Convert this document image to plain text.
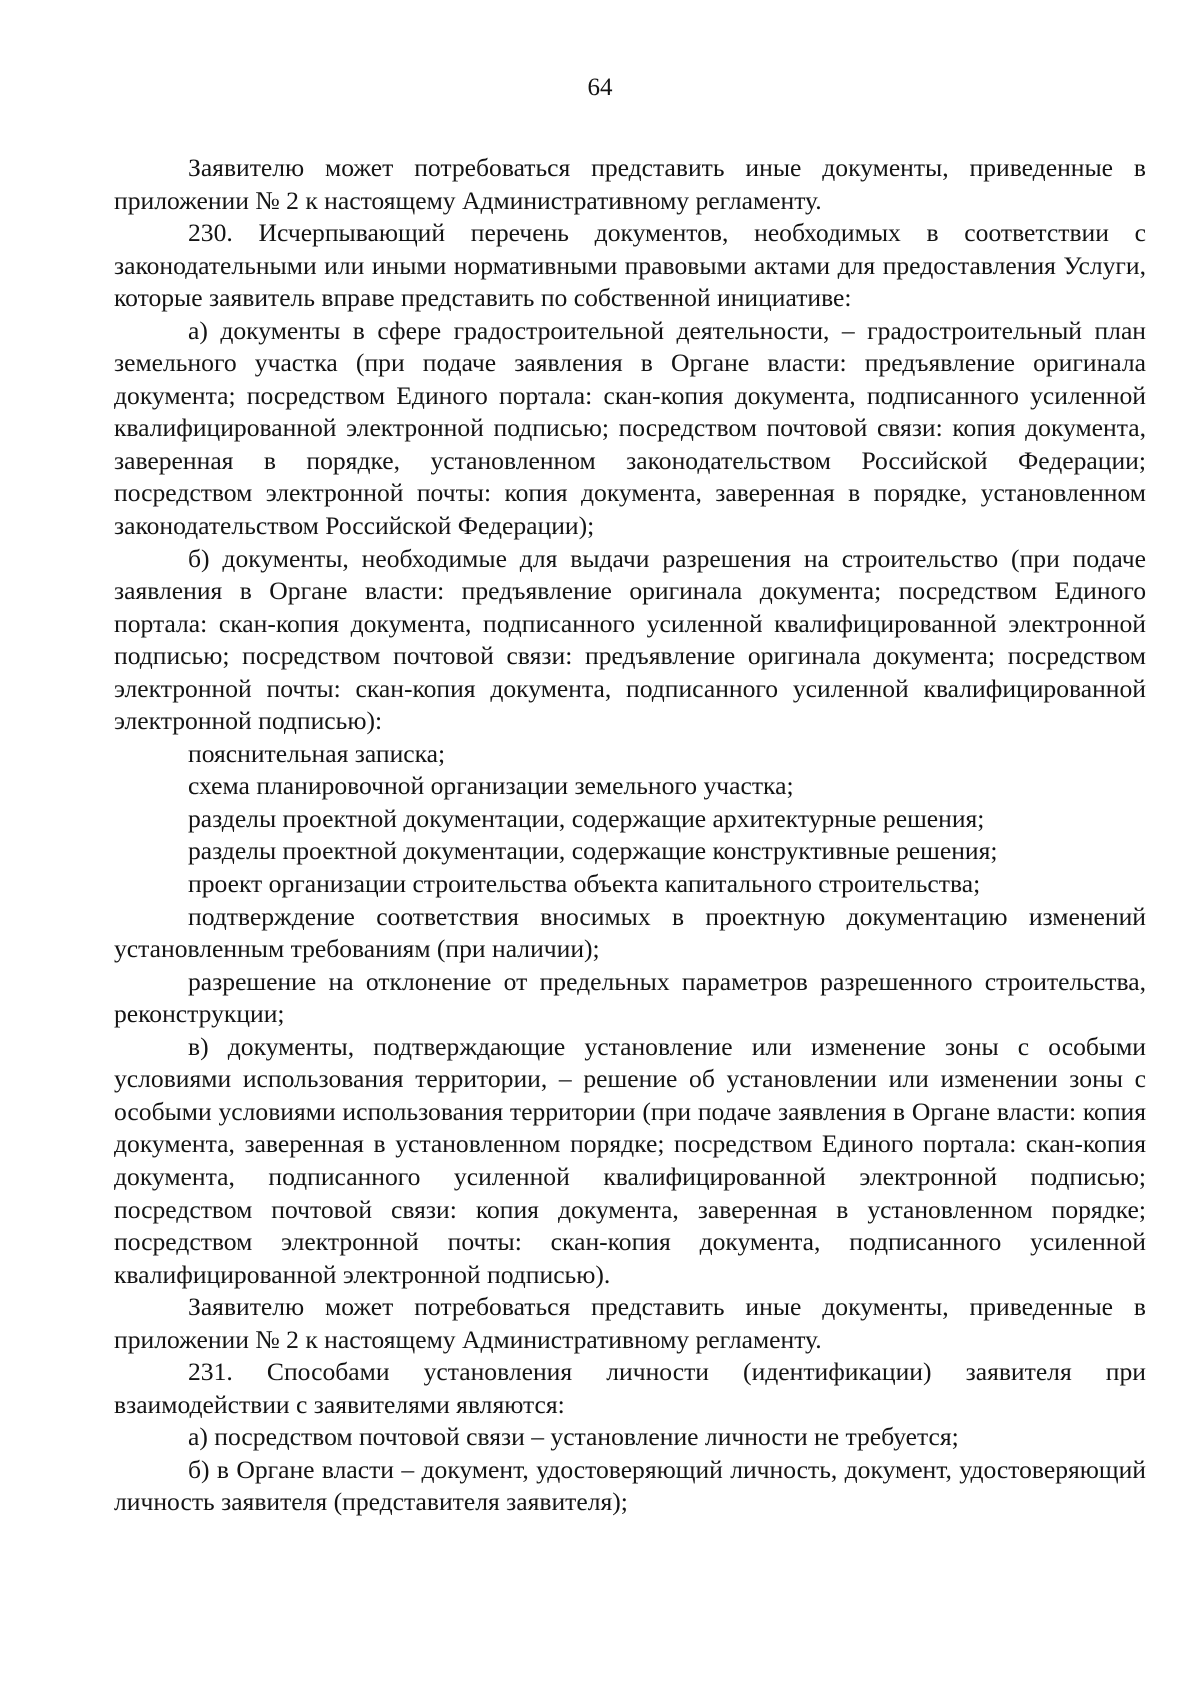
64

Заявителю может потребоваться представить иные документы, приведенные в приложении № 2 к настоящему Административному регламенту.

230. Исчерпывающий перечень документов, необходимых в соответствии с законодательными или иными нормативными правовыми актами для предоставления Услуги, которые заявитель вправе представить по собственной инициативе:

а) документы в сфере градостроительной деятельности, – градостроительный план земельного участка (при подаче заявления в Органе власти: предъявление оригинала документа; посредством Единого портала: скан-копия документа, подписанного усиленной квалифицированной электронной подписью; посредством почтовой связи: копия документа, заверенная в порядке, установленном законодательством Российской Федерации; посредством электронной почты: копия документа, заверенная в порядке, установленном законодательством Российской Федерации);

б) документы, необходимые для выдачи разрешения на строительство (при подаче заявления в Органе власти: предъявление оригинала документа; посредством Единого портала: скан-копия документа, подписанного усиленной квалифицированной электронной подписью; посредством почтовой связи: предъявление оригинала документа; посредством электронной почты: скан-копия документа, подписанного усиленной квалифицированной электронной подписью):

пояснительная записка;

схема планировочной организации земельного участка;

разделы проектной документации, содержащие архитектурные решения;

разделы проектной документации, содержащие конструктивные решения;

проект организации строительства объекта капитального строительства;

подтверждение соответствия вносимых в проектную документацию изменений установленным требованиям (при наличии);

разрешение на отклонение от предельных параметров разрешенного строительства, реконструкции;

в) документы, подтверждающие установление или изменение зоны с особыми условиями использования территории, – решение об установлении или изменении зоны с особыми условиями использования территории (при подаче заявления в Органе власти: копия документа, заверенная в установленном порядке; посредством Единого портала: скан-копия документа, подписанного усиленной квалифицированной электронной подписью; посредством почтовой связи: копия документа, заверенная в установленном порядке; посредством электронной почты: скан-копия документа, подписанного усиленной квалифицированной электронной подписью).

Заявителю может потребоваться представить иные документы, приведенные в приложении № 2 к настоящему Административному регламенту.

231. Способами установления личности (идентификации) заявителя при взаимодействии с заявителями являются:

а) посредством почтовой связи – установление личности не требуется;

б) в Органе власти – документ, удостоверяющий личность, документ, удостоверяющий личность заявителя (представителя заявителя);
